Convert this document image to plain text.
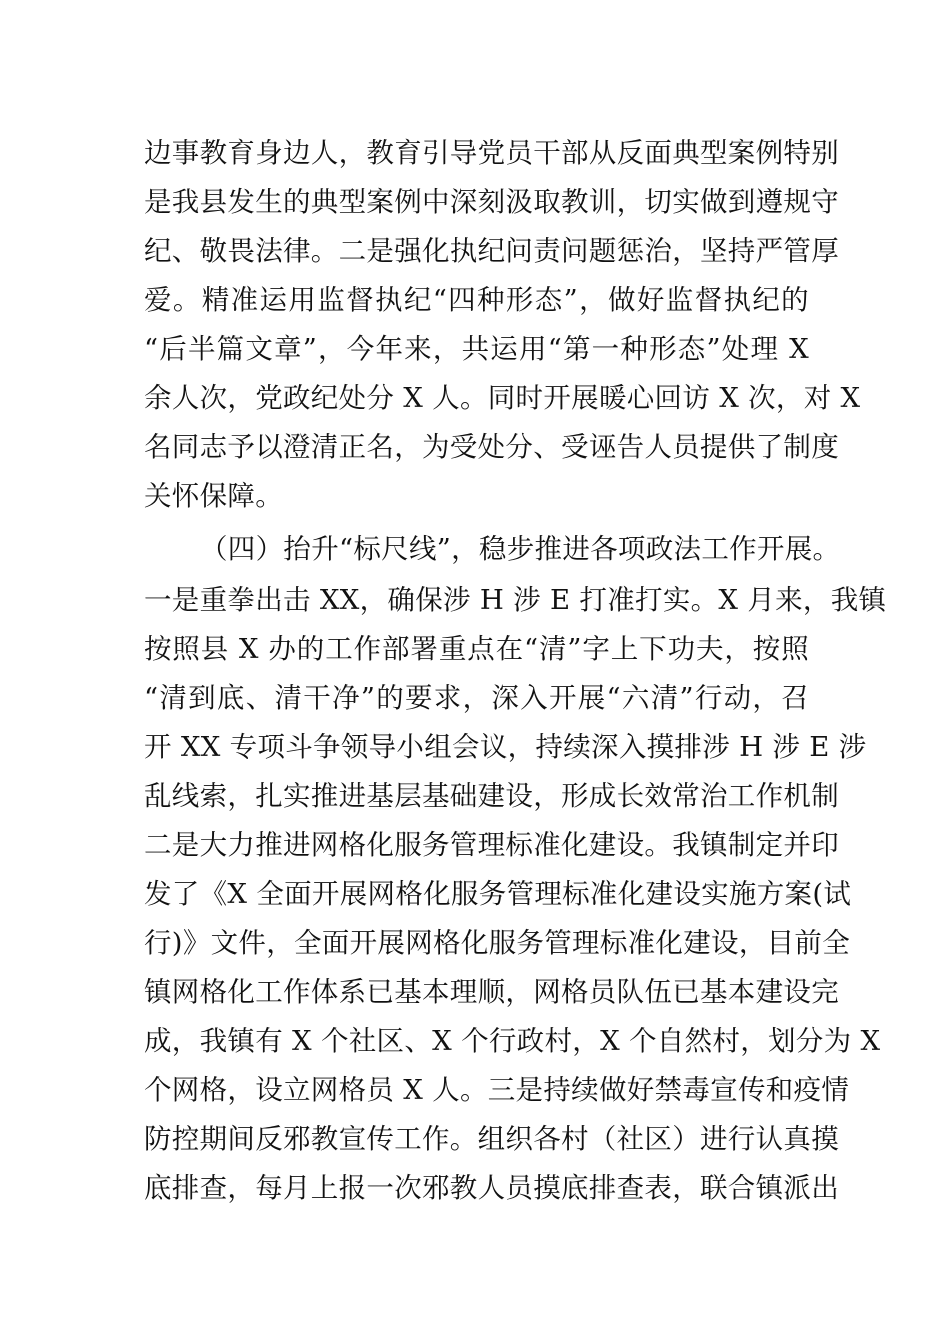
边事教育身边人，教育引导党员干部从反面典型案例特别
是我县发生的典型案例中深刻汲取教训，切实做到遵规守
纪、敬畏法律。二是强化执纪问责问题惩治，坚持严管厚
爱。精准运用监督执纪“四种形态”，做好监督执纪的
“后半篇文章”，今年来，共运用“第一种形态”处理 X
余人次，党政纪处分 X 人。同时开展暖心回访 X 次，对 X
名同志予以澄清正名，为受处分、受诬告人员提供了制度
关怀保障。
（四）抬升“标尺线”，稳步推进各项政法工作开展。
一是重拳出击 XX，确保涉 H 涉 E 打准打实。X 月来，我镇
按照县 X 办的工作部署重点在“清”字上下功夫，按照
“清到底、清干净”的要求，深入开展“六清”行动，召
开 XX 专项斗争领导小组会议，持续深入摸排涉 H 涉 E 涉
乱线索，扎实推进基层基础建设，形成长效常治工作机制
二是大力推进网格化服务管理标准化建设。我镇制定并印
发了《X 全面开展网格化服务管理标准化建设实施方案(试
行)》文件，全面开展网格化服务管理标准化建设，目前全
镇网格化工作体系已基本理顺，网格员队伍已基本建设完
成，我镇有 X 个社区、X 个行政村，X 个自然村，划分为 X
个网格，设立网格员 X 人。三是持续做好禁毒宣传和疫情
防控期间反邪教宣传工作。组织各村（社区）进行认真摸
底排查，每月上报一次邪教人员摸底排查表，联合镇派出
